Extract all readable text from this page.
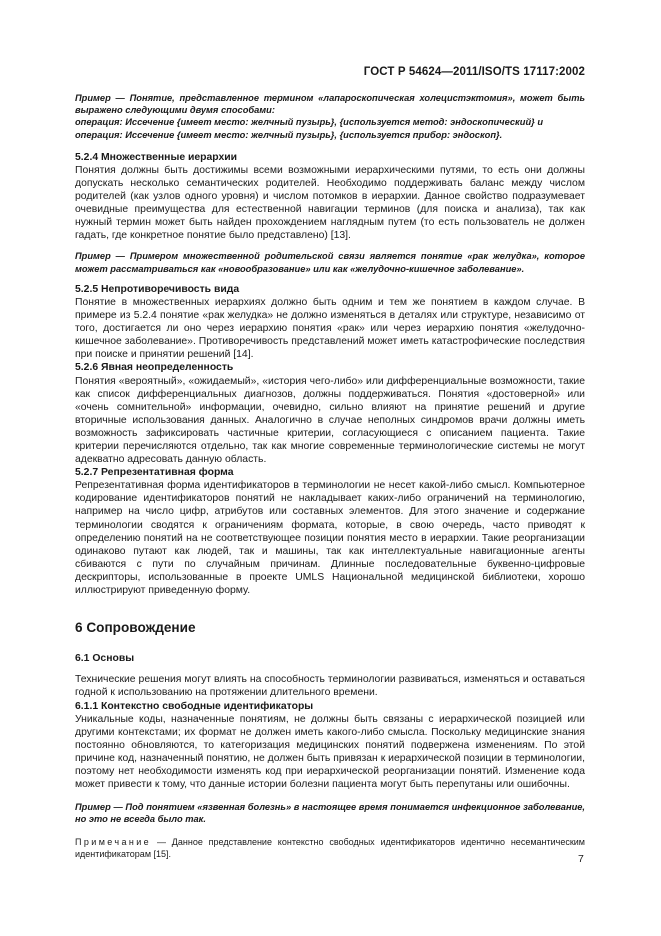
ГОСТ Р 54624—2011/ISO/TS 17117:2002

Пример — Понятие, представленное термином «лапароскопическая холецистэктомия», может быть выражено следующими двумя способами:

операция: Иссечение {имеет место: желчный пузырь}, {используется метод: эндоскопический} и

операция: Иссечение {имеет место: желчный пузырь}, {используется прибор: эндоскоп}.

5.2.4 Множественные иерархии

Понятия должны быть достижимы всеми возможными иерархическими путями, то есть они должны допускать несколько семантических родителей. Необходимо поддерживать баланс между числом родителей (как узлов одного уровня) и числом потомков в иерархии. Данное свойство подразумевает очевидные преимущества для естественной навигации терминов (для поиска и анализа), так как нужный термин может быть найден прохождением наглядным путем (то есть пользователь не должен гадать, где конкретное понятие было представлено) [13].

Пример — Примером множественной родительской связи является понятие «рак желудка», которое может рассматриваться как «новообразование» или как «желудочно-кишечное заболевание».

5.2.5 Непротиворечивость вида

Понятие в множественных иерархиях должно быть одним и тем же понятием в каждом случае. В примере из 5.2.4 понятие «рак желудка» не должно изменяться в деталях или структуре, независимо от того, достигается ли оно через иерархию понятия «рак» или через иерархию понятия «желудочно-кишечное заболевание». Противоречивость представлений может иметь катастрофические последствия при поиске и принятии решений [14].

5.2.6 Явная неопределенность

Понятия «вероятный», «ожидаемый», «история чего-либо» или дифференциальные возможности, такие как список дифференциальных диагнозов, должны поддерживаться. Понятия «достоверной» или «очень сомнительной» информации, очевидно, сильно влияют на принятие решений и другие вторичные использования данных. Аналогично в случае неполных синдромов врачи должны иметь возможность зафиксировать частичные критерии, согласующиеся с описанием пациента. Такие критерии перечисляются отдельно, так как многие современные терминологические системы не могут адекватно адресовать данную область.

5.2.7 Репрезентативная форма

Репрезентативная форма идентификаторов в терминологии не несет какой-либо смысл. Компьютерное кодирование идентификаторов понятий не накладывает каких-либо ограничений на терминологию, например на число цифр, атрибутов или составных элементов. Для этого значение и содержание терминологии сводятся к ограничениям формата, которые, в свою очередь, часто приводят к определению понятий на не соответствующее позиции понятия место в иерархии. Такие реорганизации одинаково путают как людей, так и машины, так как интеллектуальные навигационные агенты сбиваются с пути по случайным причинам. Длинные последовательные буквенно-цифровые дескрипторы, использованные в проекте UMLS Национальной медицинской библиотеки, хорошо иллюстрируют приведенную форму.

6 Сопровождение

6.1 Основы

Технические решения могут влиять на способность терминологии развиваться, изменяться и оставаться годной к использованию на протяжении длительного времени.

6.1.1 Контекстно свободные идентификаторы

Уникальные коды, назначенные понятиям, не должны быть связаны с иерархической позицией или другими контекстами; их формат не должен иметь какого-либо смысла. Поскольку медицинские знания постоянно обновляются, то категоризация медицинских понятий подвержена изменениям. По этой причине код, назначенный понятию, не должен быть привязан к иерархической позиции в терминологии, поэтому нет необходимости изменять код при иерархической реорганизации понятий. Изменение кода может привести к тому, что данные истории болезни пациента могут быть перепутаны или ошибочны.

Пример — Под понятием «язвенная болезнь» в настоящее время понимается инфекционное заболевание, но это не всегда было так.

Примечание — Данное представление контекстно свободных идентификаторов идентично несемантическим идентификаторам [15].	7
